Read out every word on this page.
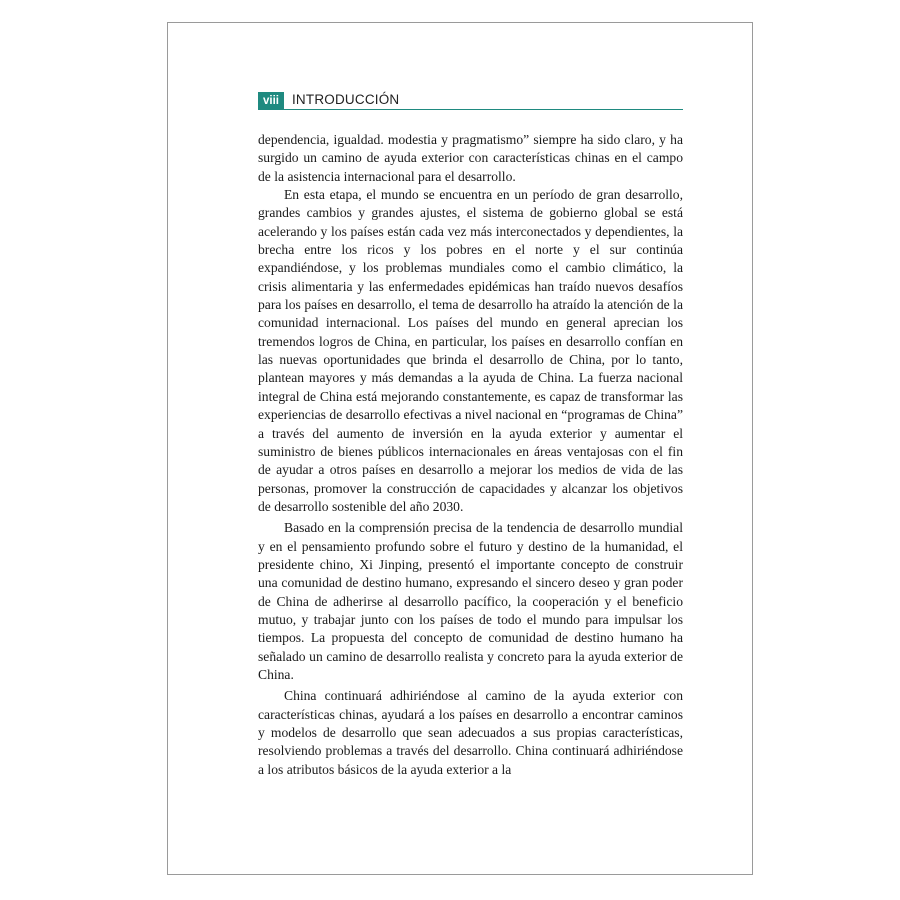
viii INTRODUCCIÓN

dependencia, igualdad. modestia y pragmatismo” siempre ha sido claro, y ha surgido un camino de ayuda exterior con características chinas en el campo de la asistencia internacional para el desarrollo.

En esta etapa, el mundo se encuentra en un período de gran desarrollo, grandes cambios y grandes ajustes, el sistema de gobierno global se está acelerando y los países están cada vez más interconectados y dependientes, la brecha entre los ricos y los pobres en el norte y el sur continúa expandiéndose, y los problemas mundiales como el cambio climático, la crisis alimentaria y las enfermedades epidémicas han traído nuevos desafíos para los países en desarrollo, el tema de desarrollo ha atraído la atención de la comunidad internacional. Los países del mundo en general aprecian los tremendos logros de China, en particular, los países en desarrollo confían en las nuevas oportunidades que brinda el desarrollo de China, por lo tanto, plantean mayores y más demandas a la ayuda de China. La fuerza nacional integral de China está mejorando constantemente, es capaz de transformar las experiencias de desarrollo efectivas a nivel nacional en “programas de China” a través del aumento de inversión en la ayuda exterior y aumentar el suministro de bienes públicos internacionales en áreas ventajosas con el fin de ayudar a otros países en desarrollo a mejorar los medios de vida de las personas, promover la construcción de capacidades y alcanzar los objetivos de desarrollo sostenible del año 2030.

Basado en la comprensión precisa de la tendencia de desarrollo mundial y en el pensamiento profundo sobre el futuro y destino de la humanidad, el presidente chino, Xi Jinping, presentó el importante concepto de construir una comunidad de destino humano, expresando el sincero deseo y gran poder de China de adherirse al desarrollo pacífico, la cooperación y el beneficio mutuo, y trabajar junto con los países de todo el mundo para impulsar los tiempos. La propuesta del concepto de comunidad de destino humano ha señalado un camino de desarrollo realista y concreto para la ayuda exterior de China.

China continuará adhiriéndose al camino de la ayuda exterior con características chinas, ayudará a los países en desarrollo a encontrar caminos y modelos de desarrollo que sean adecuados a sus propias características, resolviendo problemas a través del desarrollo. China continuará adhiriéndose a los atributos básicos de la ayuda exterior a la
